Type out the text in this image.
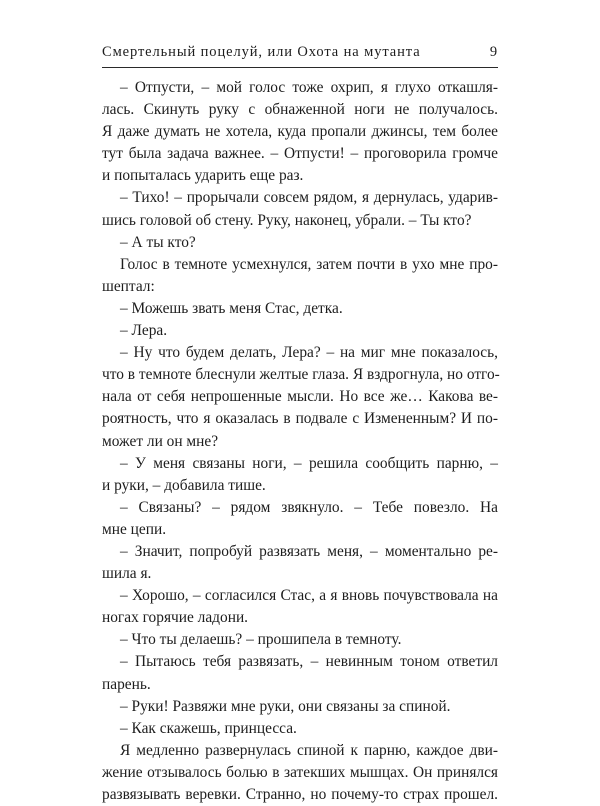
Смертельный поцелуй, или Охота на мутанта	9
– Отпусти, – мой голос тоже охрип, я глухо откашля-
лась. Скинуть руку с обнаженной ноги не получалось.
Я даже думать не хотела, куда пропали джинсы, тем более
тут была задача важнее. – Отпусти! – проговорила громче
и попыталась ударить еще раз.
– Тихо! – прорычали совсем рядом, я дернулась, ударив-
шись головой об стену. Руку, наконец, убрали. – Ты кто?
– А ты кто?
Голос в темноте усмехнулся, затем почти в ухо мне про-
шептал:
– Можешь звать меня Стас, детка.
– Лера.
– Ну что будем делать, Лера? – на миг мне показалось,
что в темноте блеснули желтые глаза. Я вздрогнула, но отго-
нала от себя непрошенные мысли. Но все же… Какова ве-
роятность, что я оказалась в подвале с Измененным? И по-
может ли он мне?
– У меня связаны ноги, – решила сообщить парню, –
и руки, – добавила тише.
– Связаны? – рядом звякнуло. – Тебе повезло. На
мне цепи.
– Значит, попробуй развязать меня, – моментально ре-
шила я.
– Хорошо, – согласился Стас, а я вновь почувствовала на
ногах горячие ладони.
– Что ты делаешь? – прошипела в темноту.
– Пытаюсь тебя развязать, – невинным тоном ответил
парень.
– Руки! Развяжи мне руки, они связаны за спиной.
– Как скажешь, принцесса.
Я медленно развернулась спиной к парню, каждое дви-
жение отзывалось болью в затекших мышцах. Он принялся
развязывать веревки. Странно, но почему-то страх прошел.
